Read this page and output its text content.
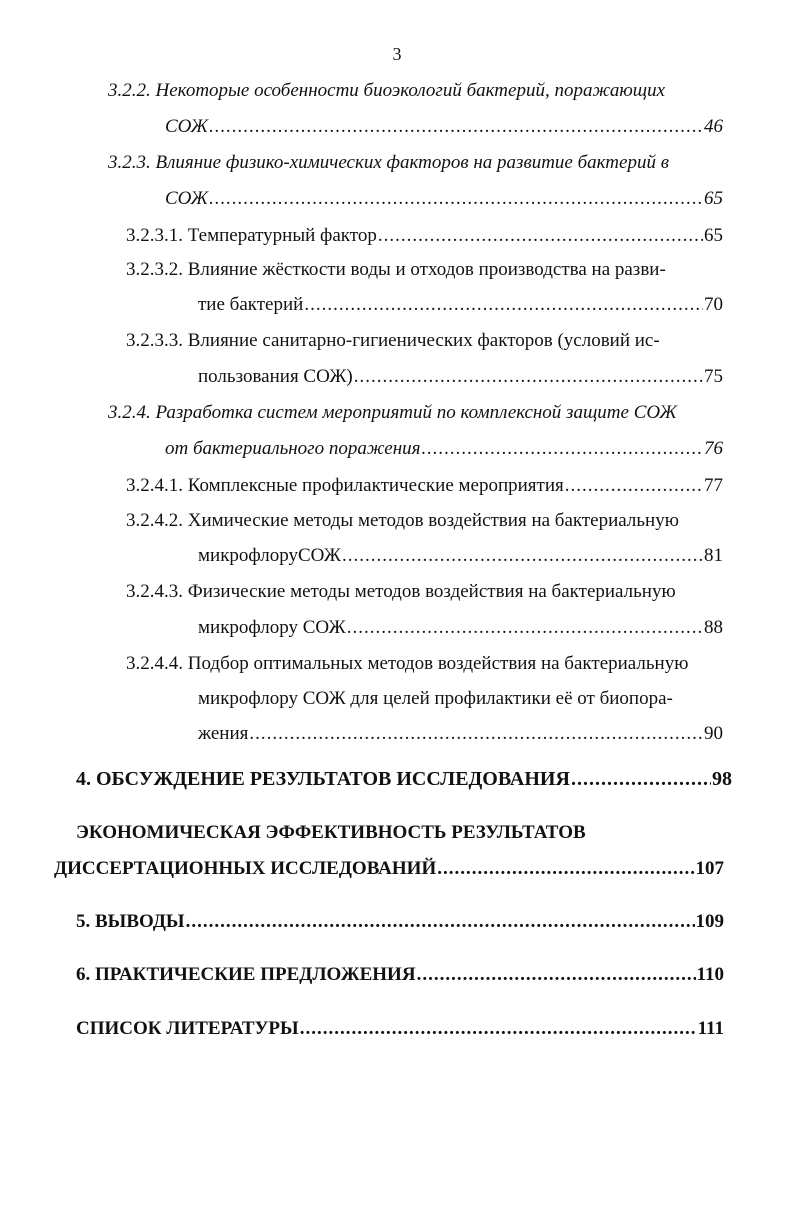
3
3.2.2. Некоторые особенности биоэкологий бактерий, поражающих
СОЖ .....	46
3.2.3. Влияние физико-химических факторов на развитие бактерий в
СОЖ .....	65
3.2.3.1. Температурный фактор .....	65
3.2.3.2. Влияние жёсткости воды и отходов производства на разви-
тие бактерий .....	70
3.2.3.3. Влияние санитарно-гигиенических факторов (условий ис-
пользования СОЖ) .....	75
3.2.4. Разработка систем мероприятий по комплексной защите СОЖ
от бактериального поражения .....	76
3.2.4.1. Комплексные профилактические мероприятия .....	77
3.2.4.2. Химические методы методов воздействия на бактериальную
микрофлоруСОЖ .....	81
3.2.4.3. Физические методы методов воздействия на бактериальную
микрофлору СОЖ .....	88
3.2.4.4. Подбор оптимальных методов воздействия на бактериальную
микрофлору СОЖ для целей профилактики её от биопора-
жения .....	90
4. ОБСУЖДЕНИЕ РЕЗУЛЬТАТОВ ИССЛЕДОВАНИЯ .....	98
ЭКОНОМИЧЕСКАЯ ЭФФЕКТИВНОСТЬ РЕЗУЛЬТАТОВ
ДИССЕРТАЦИОННЫХ ИССЛЕДОВАНИЙ .....	107
5. ВЫВОДЫ .....	109
6. ПРАКТИЧЕСКИЕ ПРЕДЛОЖЕНИЯ .....	110
СПИСОК ЛИТЕРАТУРЫ .....	111
